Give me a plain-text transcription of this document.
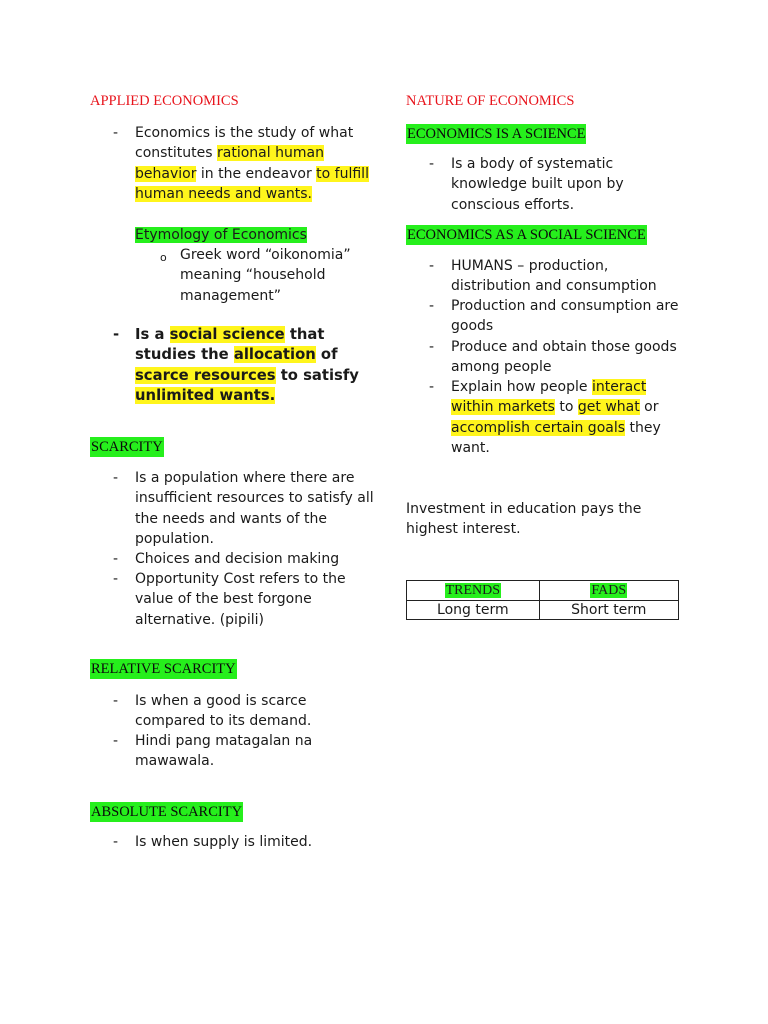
APPLIED ECONOMICS
- Economics is the study of what constitutes rational human behavior in the endeavor to fulfill human needs and wants.
Etymology of Economics
o Greek word “oikonomia” meaning “household management”
- Is a social science that studies the allocation of scarce resources to satisfy unlimited wants.
SCARCITY
- Is a population where there are insufficient resources to satisfy all the needs and wants of the population.
- Choices and decision making
- Opportunity Cost refers to the value of the best forgone alternative. (pipili)
RELATIVE SCARCITY
- Is when a good is scarce compared to its demand.
- Hindi pang matagalan na mawawala.
ABSOLUTE SCARCITY
- Is when supply is limited.
NATURE OF ECONOMICS
ECONOMICS IS A SCIENCE
- Is a body of systematic knowledge built upon by conscious efforts.
ECONOMICS AS A SOCIAL SCIENCE
- HUMANS – production, distribution and consumption
- Production and consumption are goods
- Produce and obtain those goods among people
- Explain how people interact within markets to get what or accomplish certain goals they want.
Investment in education pays the highest interest.
TRENDS	FADS
Long term	Short term
